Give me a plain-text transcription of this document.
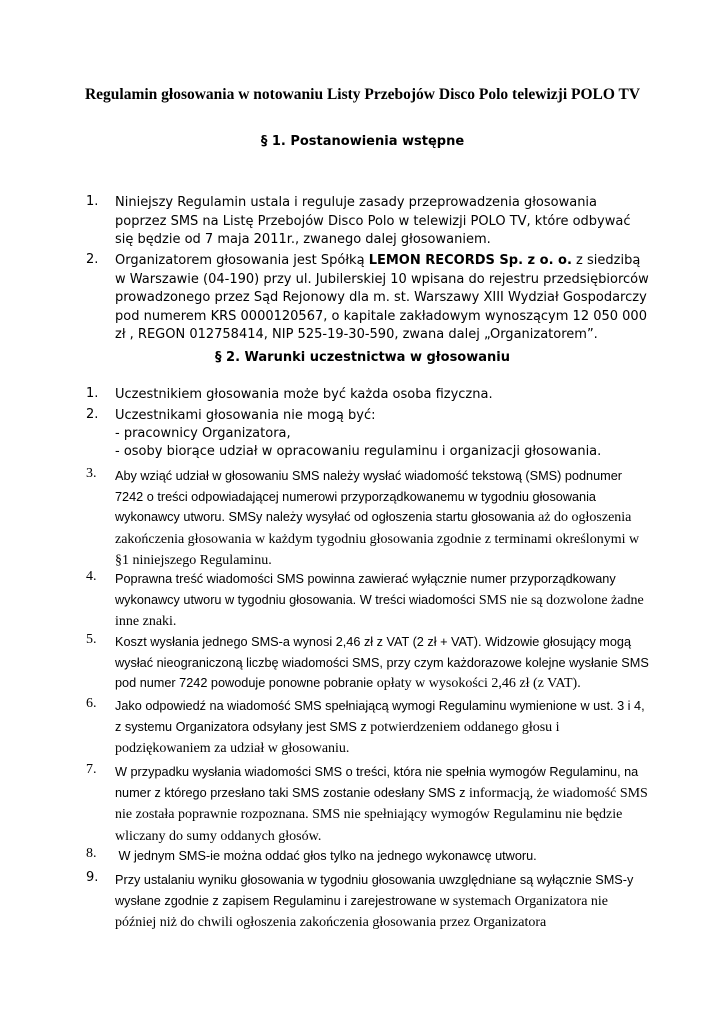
Regulamin głosowania w notowaniu Listy Przebojów Disco Polo telewizji POLO TV
§ 1. Postanowienia wstępne
1.	Niniejszy Regulamin ustala i reguluje zasady przeprowadzenia głosowania poprzez SMS na Listę Przebojów Disco Polo w telewizji POLO TV, które odbywać się będzie od 7 maja 2011r., zwanego dalej głosowaniem.
2.	Organizatorem głosowania jest Spółką LEMON RECORDS Sp. z o. o. z siedzibą w Warszawie (04-190) przy ul. Jubilerskiej 10 wpisana do rejestru przedsiębiorców prowadzonego przez Sąd Rejonowy dla m. st. Warszawy XIII Wydział Gospodarczy pod numerem KRS 0000120567, o kapitale zakładowym wynoszącym 12 050 000 zł , REGON 012758414, NIP 525-19-30-590, zwana dalej „Organizatorem”.
§ 2. Warunki uczestnictwa w głosowaniu
1.	Uczestnikiem głosowania może być każda osoba fizyczna.
2.	Uczestnikami głosowania nie mogą być:
- pracownicy Organizatora,
- osoby biorące udział w opracowaniu regulaminu i organizacji głosowania.
3.	Aby wziąć udział w głosowaniu SMS należy wysłać wiadomość tekstową (SMS) podnumer 7242 o treści odpowiadającej numerowi przyporządkowanemu w tygodniu głosowania wykonawcy utworu. SMSy należy wysyłać od ogłoszenia startu głosowania aż do ogłoszenia zakończenia głosowania w każdym tygodniu głosowania zgodnie z terminami określonymi w §1 niniejszego Regulaminu.
4.	Poprawna treść wiadomości SMS powinna zawierać wyłącznie numer przyporządkowany wykonawcy utworu w tygodniu głosowania. W treści wiadomości SMS nie są dozwolone żadne inne znaki.
5.	Koszt wysłania jednego SMS-a wynosi 2,46 zł z VAT (2 zł + VAT). Widzowie głosujący mogą wysłać nieograniczoną liczbę wiadomości SMS, przy czym każdorazowe kolejne wysłanie SMS pod numer 7242 powoduje ponowne pobranie opłaty w wysokości 2,46 zł (z VAT).
6.	Jako odpowiedź na wiadomość SMS spełniającą wymogi Regulaminu wymienione w ust. 3 i 4, z systemu Organizatora odsyłany jest SMS z potwierdzeniem oddanego głosu i podziękowaniem za udział w głosowaniu.
7.	W przypadku wysłania wiadomości SMS o treści, która nie spełnia wymogów Regulaminu, na numer z którego przesłano taki SMS zostanie odesłany SMS z informacją, że wiadomość SMS nie została poprawnie rozpoznana. SMS nie spełniający wymogów Regulaminu nie będzie wliczany do sumy oddanych głosów.
8.	W jednym SMS-ie można oddać głos tylko na jednego wykonawcę utworu.
9.	Przy ustalaniu wyniku głosowania w tygodniu głosowania uwzględniane są wyłącznie SMS-y wysłane zgodnie z zapisem Regulaminu i zarejestrowane w systemach Organizatora nie później niż do chwili ogłoszenia zakończenia głosowania przez Organizatora
